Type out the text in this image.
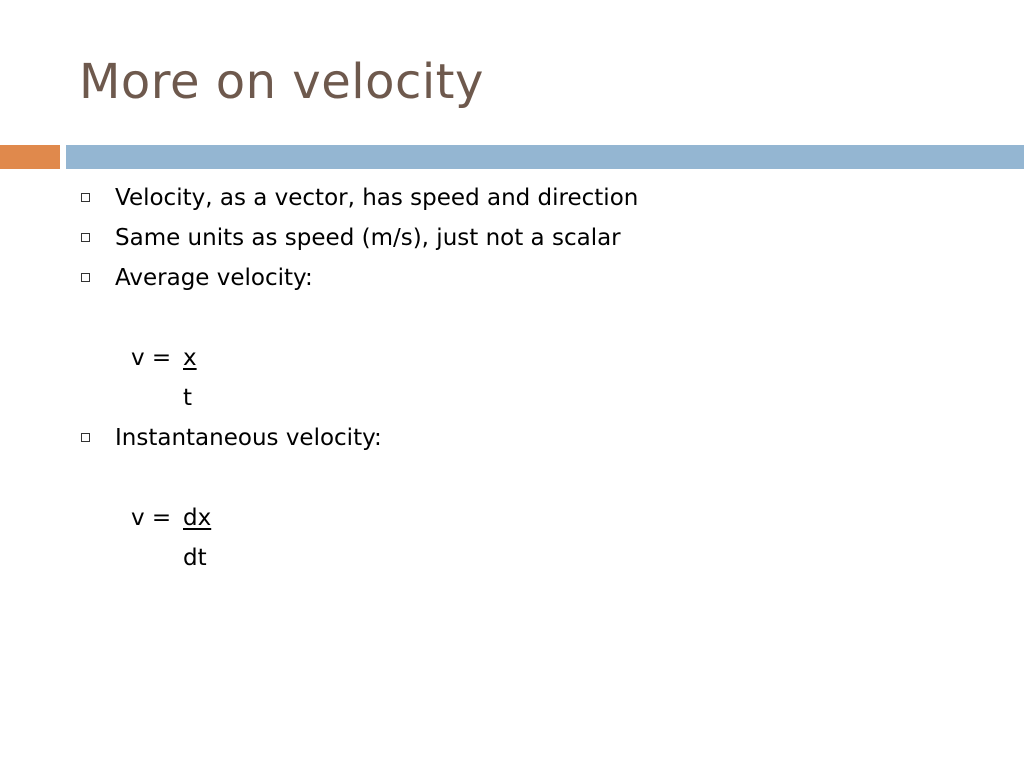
More on velocity
Velocity, as a vector, has speed and direction
Same units as speed (m/s), just not a scalar
Average velocity:
v = x
t
Instantaneous velocity:
v = dx
dt
